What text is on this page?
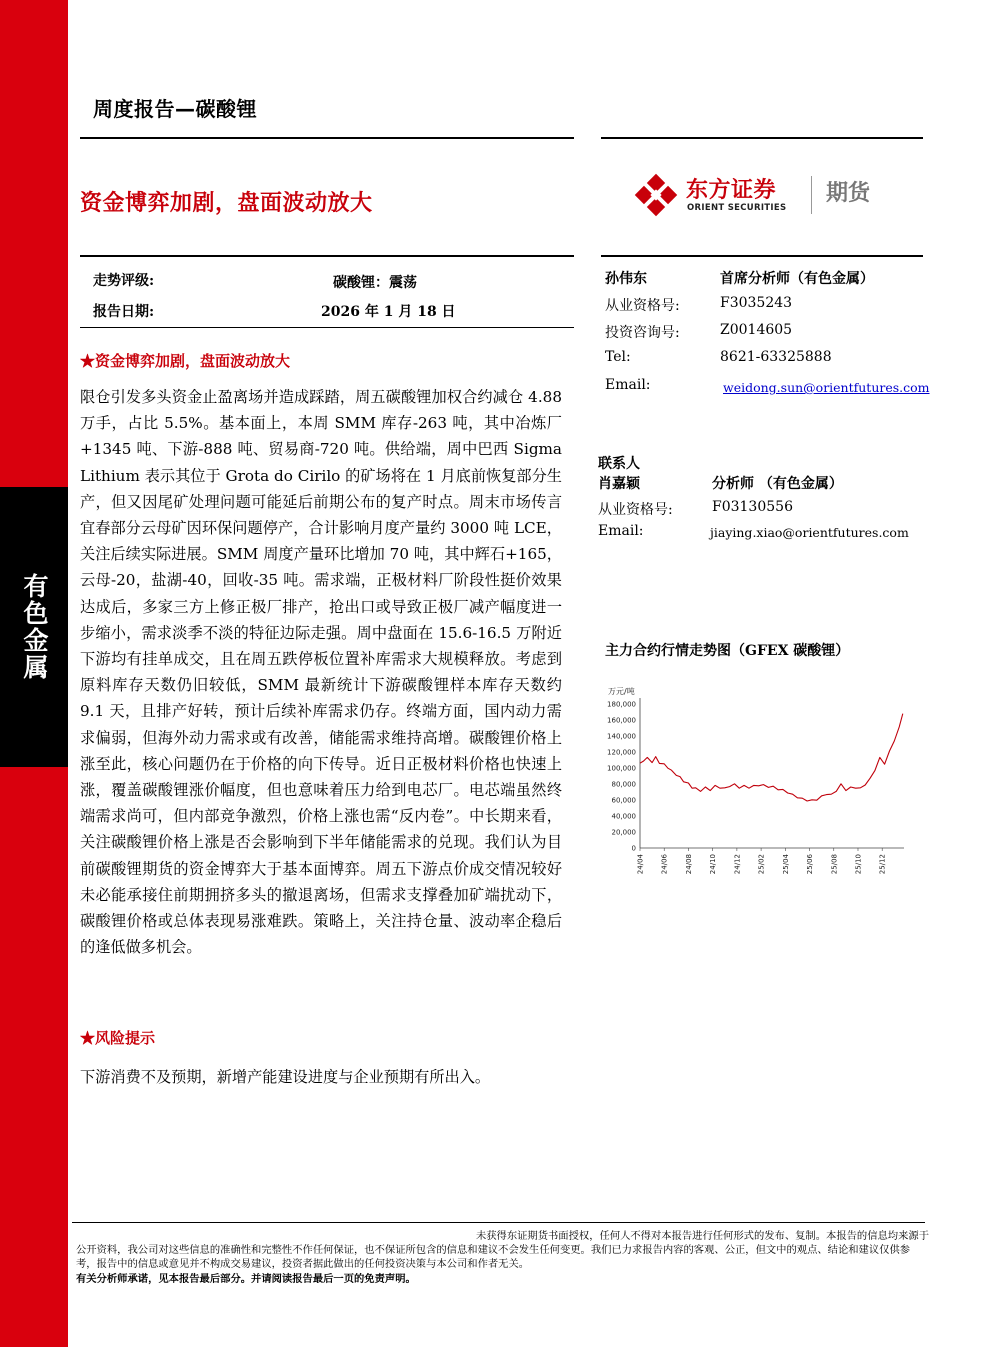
有色金属
周度报告—碳酸锂
资金博弈加剧，盘面波动放大
东方证券
ORIENT SECURITIES
期货
走势评级:	碳酸锂：震荡
报告日期:	2026 年 1 月 18 日
★资金博弈加剧，盘面波动放大
限仓引发多头资金止盈离场并造成踩踏，周五碳酸锂加权合约减仓 4.88 万手，占比 5.5%。基本面上，本周 SMM 库存-263 吨，其中冶炼厂+1345 吨、下游-888 吨、贸易商-720 吨。供给端，周中巴西 Sigma Lithium 表示其位于 Grota do Cirilo 的矿场将在 1 月底前恢复部分生产，但又因尾矿处理问题可能延后前期公布的复产时点。周末市场传言宜春部分云母矿因环保问题停产，合计影响月度产量约 3000 吨 LCE，关注后续实际进展。SMM 周度产量环比增加 70 吨，其中辉石+165，云母-20，盐湖-40，回收-35 吨。需求端，正极材料厂阶段性挺价效果达成后，多家三方上修正极厂排产，抢出口或导致正极厂减产幅度进一步缩小，需求淡季不淡的特征边际走强。周中盘面在 15.6-16.5 万附近下游均有挂单成交，且在周五跌停板位置补库需求大规模释放。考虑到原料库存天数仍旧较低，SMM 最新统计下游碳酸锂样本库存天数约 9.1 天，且排产好转，预计后续补库需求仍存。终端方面，国内动力需求偏弱，但海外动力需求或有改善，储能需求维持高增。碳酸锂价格上涨至此，核心问题仍在于价格的向下传导。近日正极材料价格也快速上涨，覆盖碳酸锂涨价幅度，但也意味着压力给到电芯厂。电芯端虽然终端需求尚可，但内部竞争激烈，价格上涨也需“反内卷”。中长期来看，关注碳酸锂价格上涨是否会影响到下半年储能需求的兑现。我们认为目前碳酸锂期货的资金博弈大于基本面博弈。周五下游点价成交情况较好未必能承接住前期拥挤多头的撤退离场，但需求支撑叠加矿端扰动下，碳酸锂价格或总体表现易涨难跌。策略上，关注持仓量、波动率企稳后的逢低做多机会。
★风险提示
下游消费不及预期，新增产能建设进度与企业预期有所出入。
孙伟东	首席分析师（有色金属）
从业资格号:	F3035243
投资咨询号:	Z0014605
Tel:	8621-63325888
Email:	weidong.sun@orientfutures.com
联系人
肖嘉颖	分析师 （有色金属）
从业资格号:	F03130556
Email:	jiaying.xiao@orientfutures.com
主力合约行情走势图（GFEX 碳酸锂）
万元/吨
0
20,000
40,000
60,000
80,000
100,000
120,000
140,000
160,000
180,000
24/04 24/06 24/08 24/10 24/12 25/02 25/04 25/06 25/08 25/10 25/12
未获得东证期货书面授权，任何人不得对本报告进行任何形式的发布、复制。本报告的信息均来源于
公开资料，我公司对这些信息的准确性和完整性不作任何保证，也不保证所包含的信息和建议不会发生任何变更。我们已力求报告内容的客观、公正，但文中的观点、结论和建议仅供参考，报告中的信息或意见并不构成交易建议，投资者据此做出的任何投资决策与本公司和作者无关。
有关分析师承诺，见本报告最后部分。并请阅读报告最后一页的免责声明。
